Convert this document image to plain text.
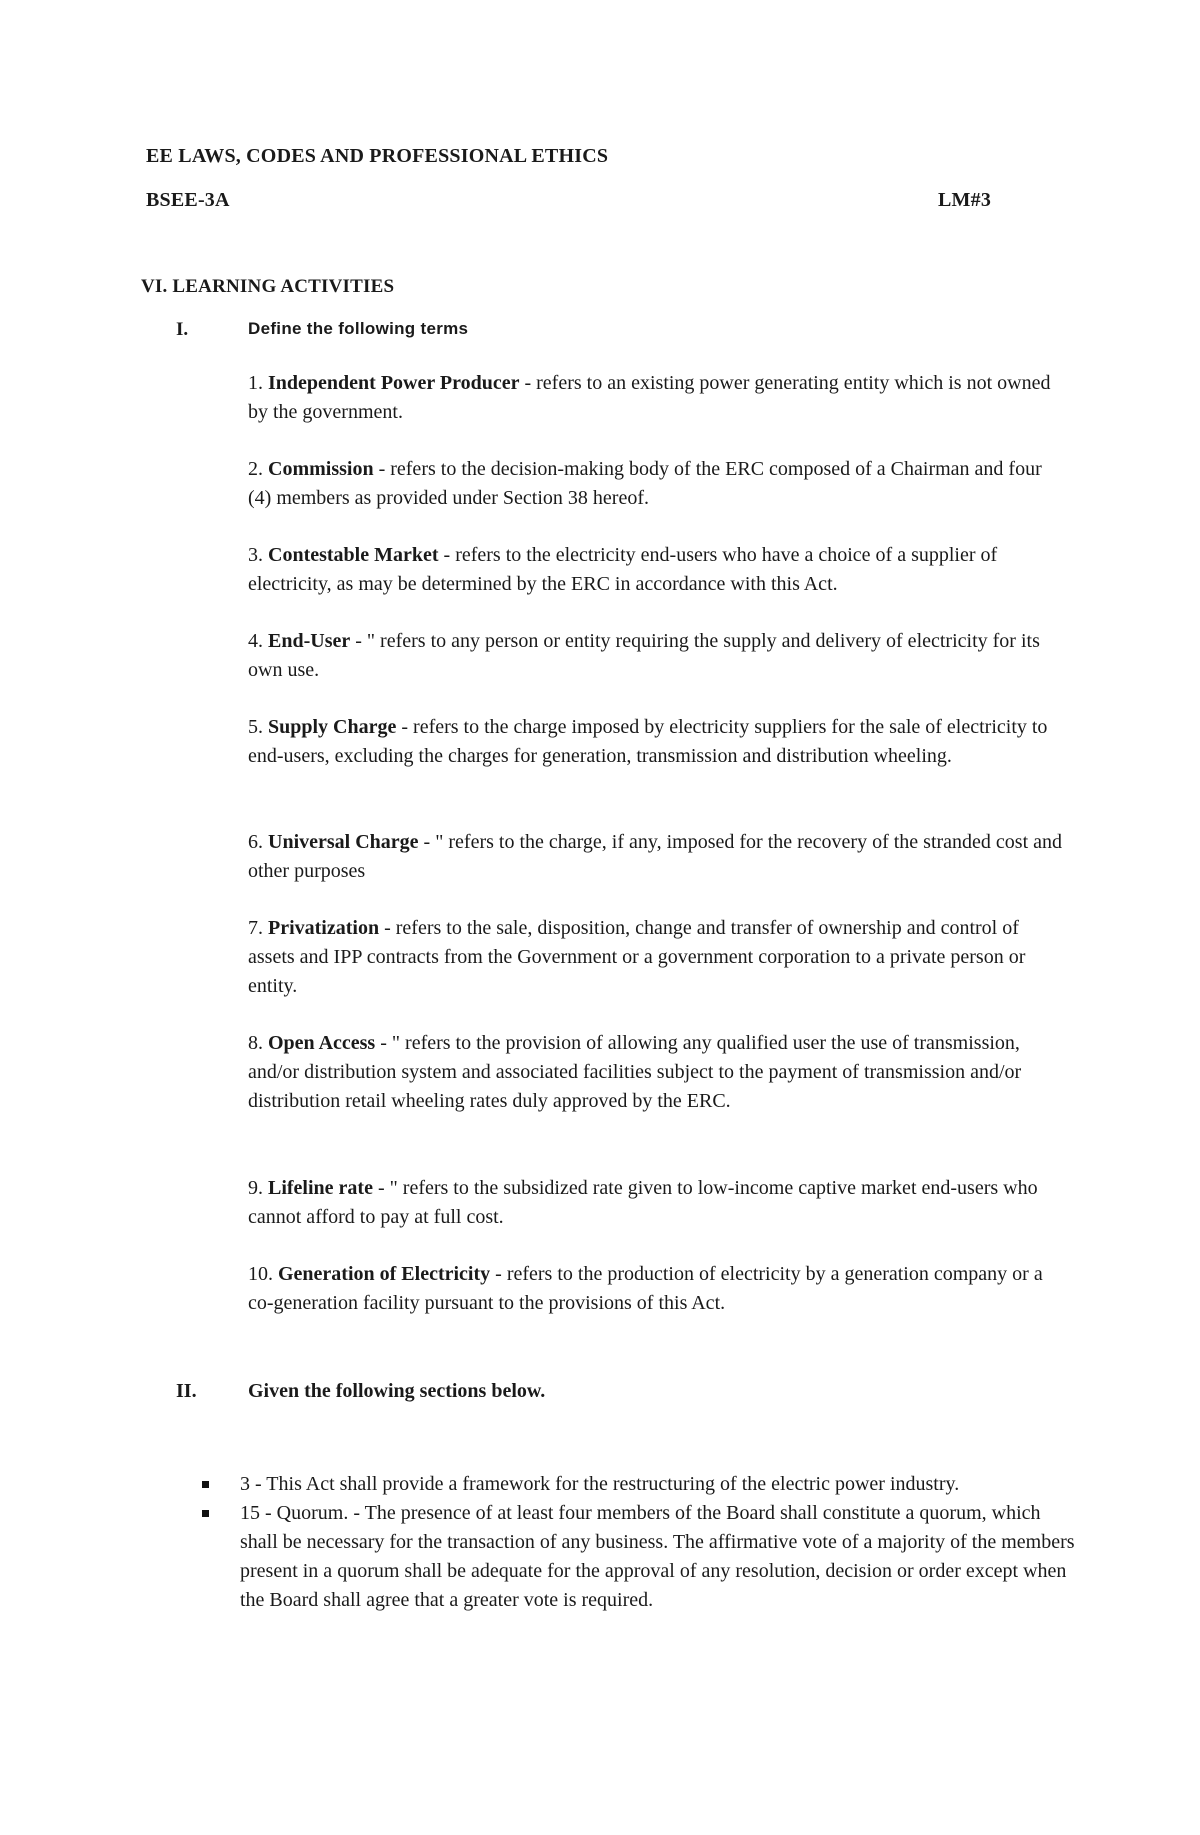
EE LAWS, CODES AND PROFESSIONAL ETHICS
BSEE-3A	LM#3
VI. LEARNING ACTIVITIES
I.	Define the following terms
1. Independent Power Producer - refers to an existing power generating entity which is not owned by the government.
2. Commission - refers to the decision-making body of the ERC composed of a Chairman and four (4) members as provided under Section 38 hereof.
3. Contestable Market - refers to the electricity end-users who have a choice of a supplier of electricity, as may be determined by the ERC in accordance with this Act.
4. End-User - " refers to any person or entity requiring the supply and delivery of electricity for its own use.
5. Supply Charge - refers to the charge imposed by electricity suppliers for the sale of electricity to end-users, excluding the charges for generation, transmission and distribution wheeling.
6. Universal Charge - " refers to the charge, if any, imposed for the recovery of the stranded cost and other purposes
7. Privatization - refers to the sale, disposition, change and transfer of ownership and control of assets and IPP contracts from the Government or a government corporation to a private person or entity.
8. Open Access - " refers to the provision of allowing any qualified user the use of transmission, and/or distribution system and associated facilities subject to the payment of transmission and/or distribution retail wheeling rates duly approved by the ERC.
9. Lifeline rate - " refers to the subsidized rate given to low-income captive market end-users who cannot afford to pay at full cost.
10. Generation of Electricity - refers to the production of electricity by a generation company or a co-generation facility pursuant to the provisions of this Act.
II.	Given the following sections below.
3 - This Act shall provide a framework for the restructuring of the electric power industry.
15 - Quorum. - The presence of at least four members of the Board shall constitute a quorum, which shall be necessary for the transaction of any business. The affirmative vote of a majority of the members present in a quorum shall be adequate for the approval of any resolution, decision or order except when the Board shall agree that a greater vote is required.
